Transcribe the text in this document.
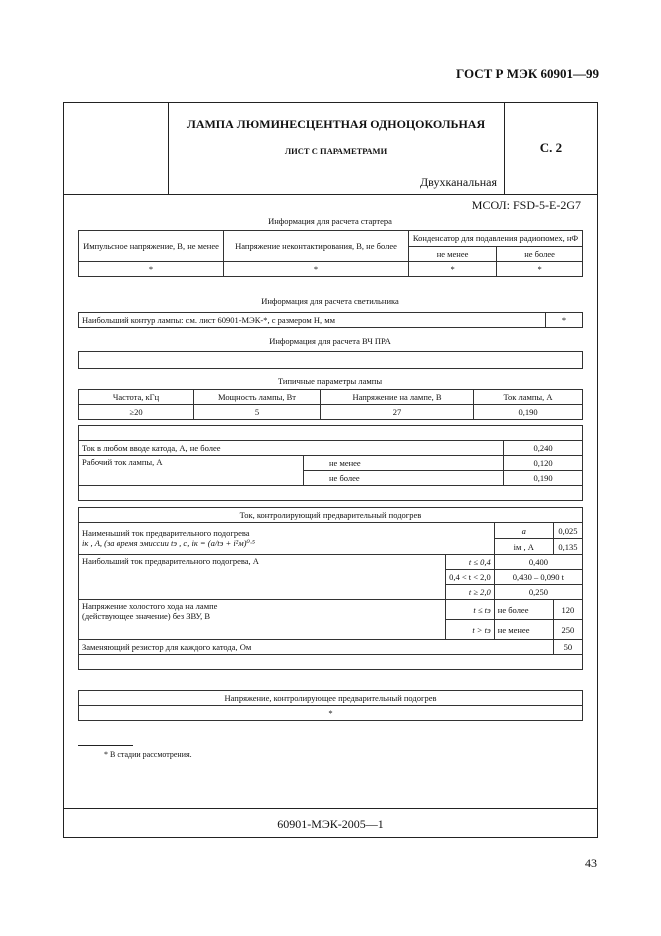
ГОСТ Р МЭК 60901—99
ЛАМПА ЛЮМИНЕСЦЕНТНАЯ ОДНОЦОКОЛЬНАЯ
ЛИСТ С ПАРАМЕТРАМИ
Двухканальная
С. 2
МСОЛ: FSD-5-E-2G7
Информация для расчета стартера
Импульсное напряжение, В, не менее	Напряжение неконтактирования, В, не более	Конденсатор для подавления радиопомех, нФ	
		не менее	не более
*	*	*	*
Информация для расчета светильника
Наибольший контур лампы: см. лист 60901-МЭК-*, с размером H, мм	*
Информация для расчета ВЧ ПРА
Типичные параметры лампы
Частота, кГц	Мощность лампы, Вт	Напряжение на лампе, В	Ток лампы, А
≥20	5	27	0,190

Ток в любом вводе катода, А, не более		0,240
Рабочий ток лампы, А	не менее	0,120
	не более	0,190

Ток, контролирующий предварительный подогрев			

Наименьший ток предварительного подогрева
iк , А, (за время эмиссии tэ , с, iк = (a/tэ + i²м)⁰·⁵		a	0,025
		iм , А	0,135
Наибольший ток предварительного подогрева, А	t ≤ 0,4	0,400	
	0,4 < t < 2,0	0,430 – 0,090 t	
	t ≥ 2,0	0,250	

Напряжение холостого хода на лампе
(действующее значение) без ЗВУ, В	t ≤ tэ	не более	120
	t > tэ	не менее	250
Заменяющий резистор для каждого катода, Ом			50

Напряжение, контролирующее предварительный подогрев
*
* В стадии рассмотрения.
60901-МЭК-2005—1
43
